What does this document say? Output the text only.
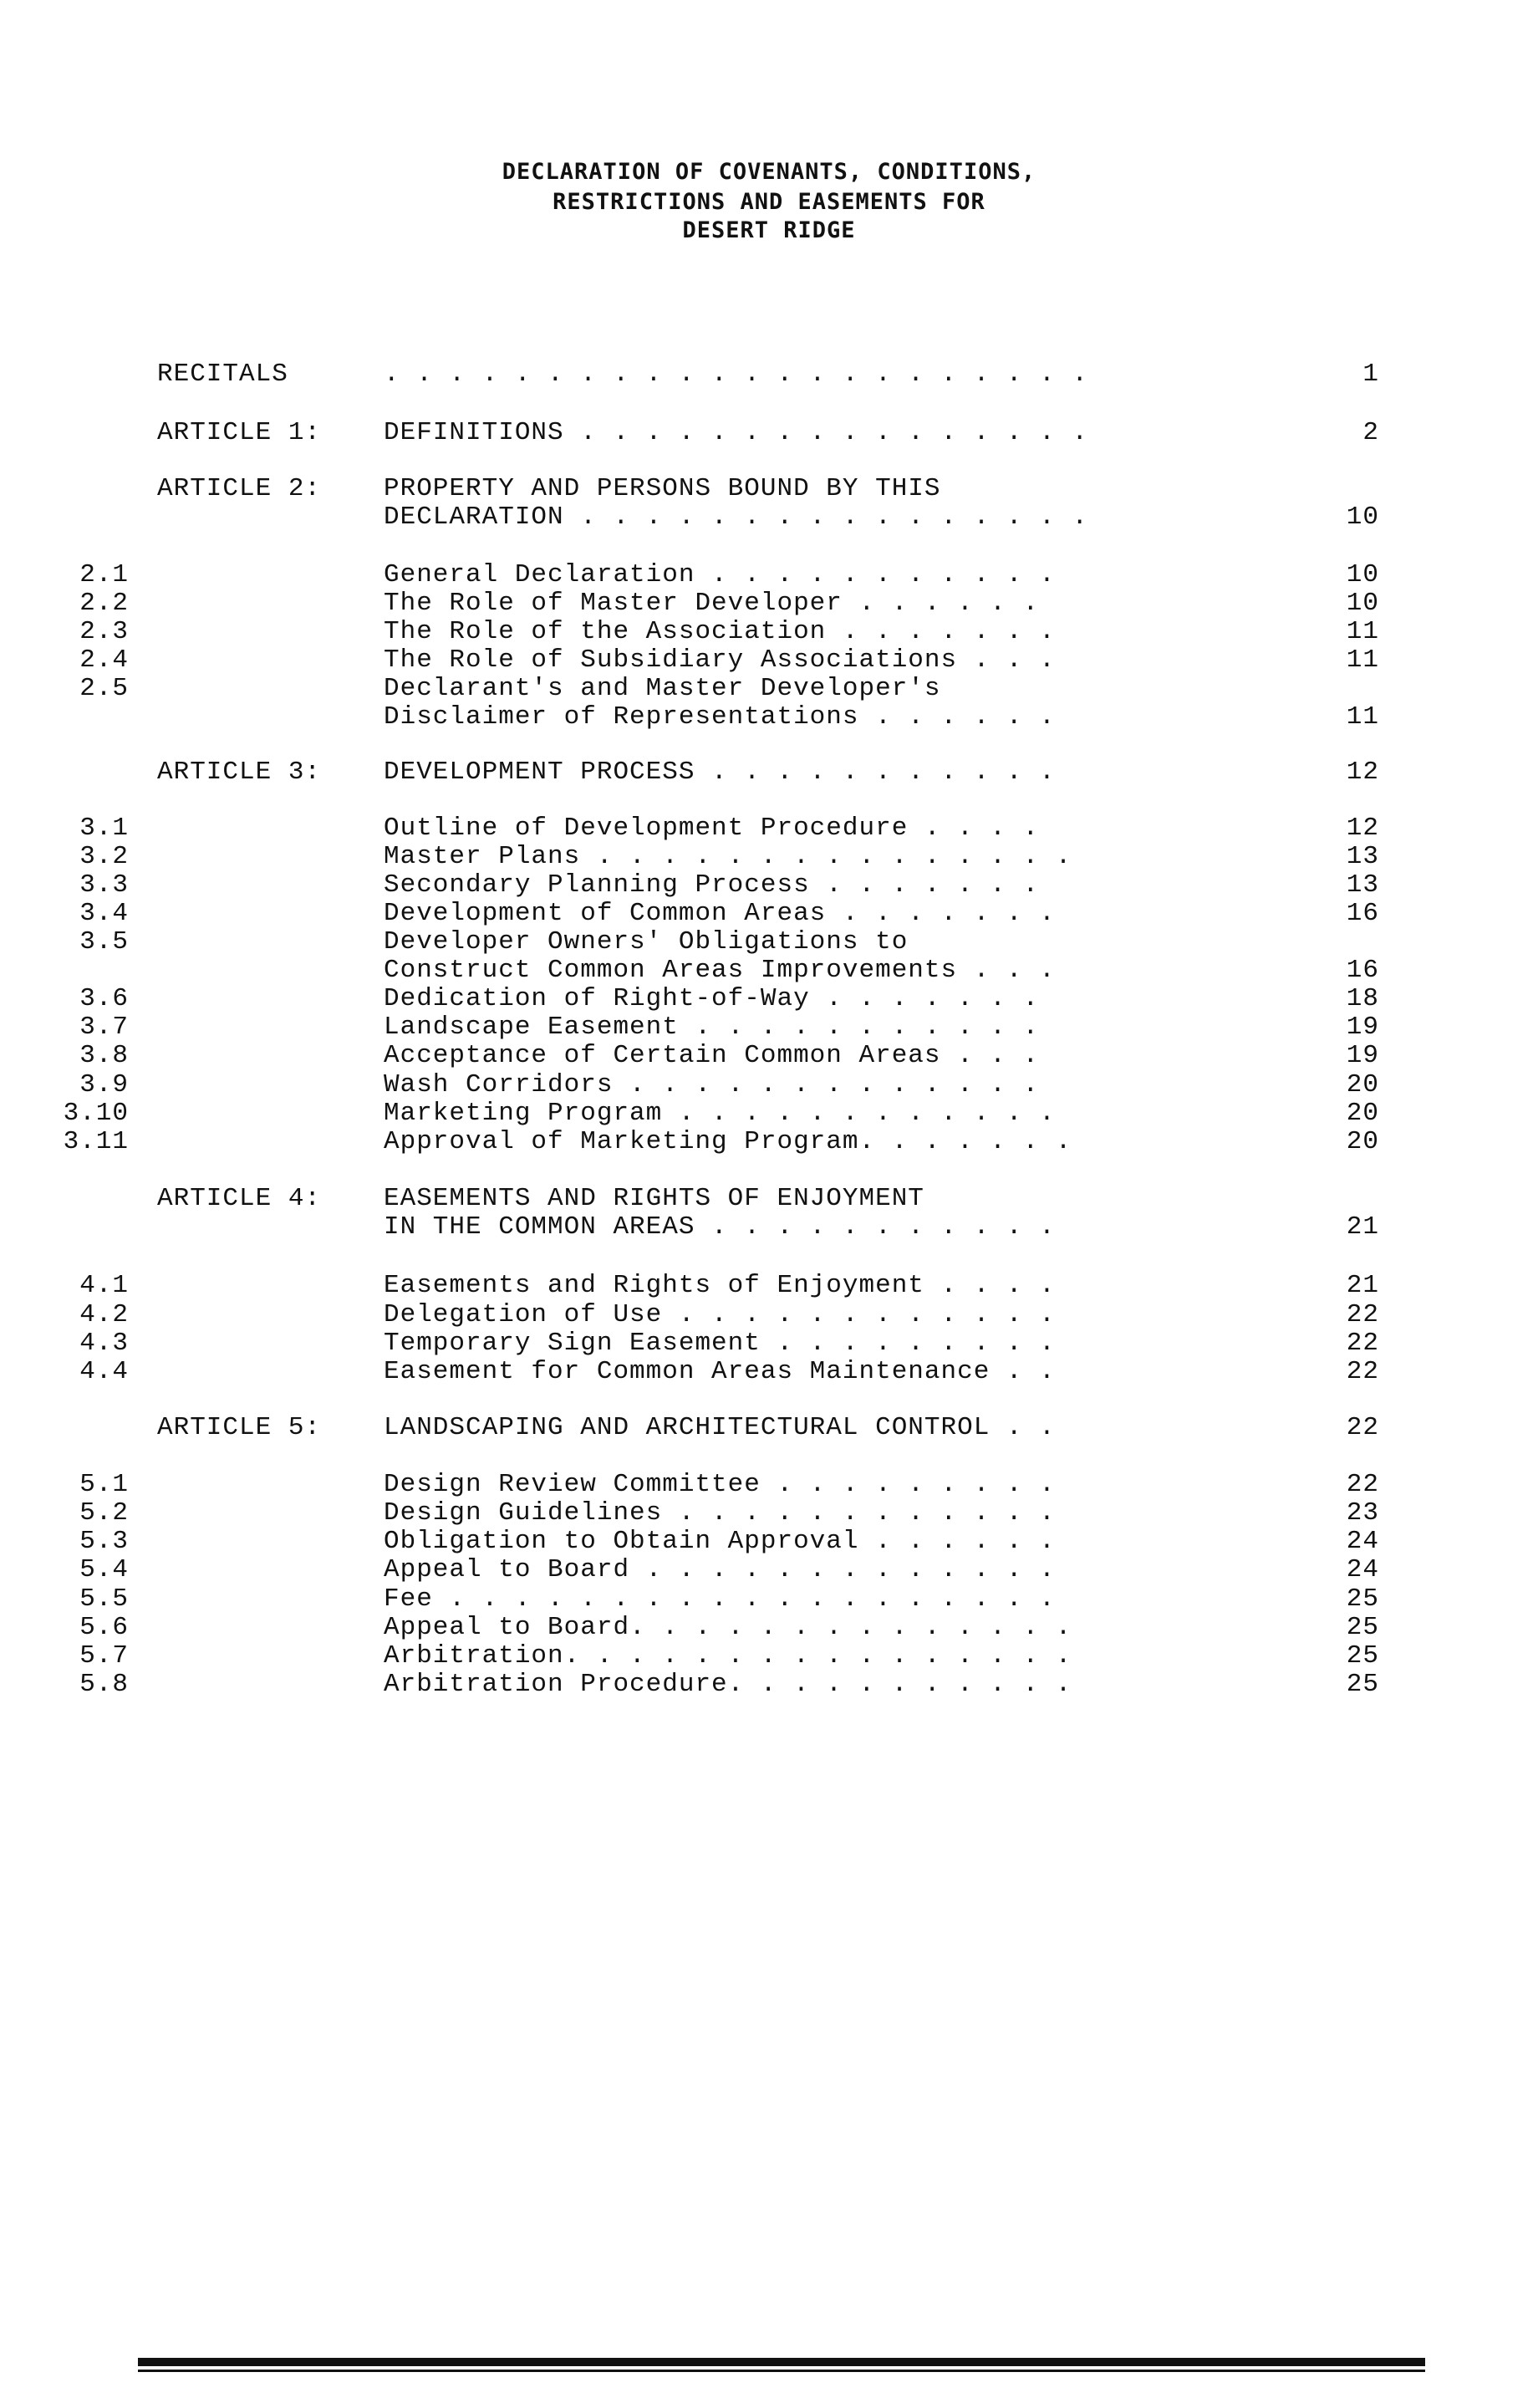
DECLARATION OF COVENANTS, CONDITIONS,
RESTRICTIONS AND EASEMENTS FOR
DESERT RIDGE
RECITALS	. . . . . . . . . . . . . . . . . . . . . .	1
ARTICLE 1: DEFINITIONS . . . . . . . . . . . . . . . .	2
ARTICLE 2: PROPERTY AND PERSONS BOUND BY THIS
DECLARATION . . . . . . . . . . . . . . . .	10
2.1	General Declaration . . . . . . . . . . .	10
2.2	The Role of Master Developer . . . . . .	10
2.3	The Role of the Association . . . . . . .	11
2.4	The Role of Subsidiary Associations . . .	11
2.5	Declarant's and Master Developer's
Disclaimer of Representations . . . . . .	11
ARTICLE 3: DEVELOPMENT PROCESS . . . . . . . . . . .	12
3.1	Outline of Development Procedure . . . .	12
3.2	Master Plans . . . . . . . . . . . . . . .	13
3.3	Secondary Planning Process . . . . . . .	13
3.4	Development of Common Areas . . . . . . .	16
3.5	Developer Owners' Obligations to
Construct Common Areas Improvements . . .	16
3.6	Dedication of Right-of-Way . . . . . . .	18
3.7	Landscape Easement . . . . . . . . . . .	19
3.8	Acceptance of Certain Common Areas . . .	19
3.9	Wash Corridors . . . . . . . . . . . . .	20
3.10	Marketing Program . . . . . . . . . . . .	20
3.11	Approval of Marketing Program. . . . . . .	20
ARTICLE 4: EASEMENTS AND RIGHTS OF ENJOYMENT
IN THE COMMON AREAS . . . . . . . . . . .	21
4.1	Easements and Rights of Enjoyment . . . .	21
4.2	Delegation of Use . . . . . . . . . . . .	22
4.3	Temporary Sign Easement . . . . . . . . .	22
4.4	Easement for Common Areas Maintenance . .	22
ARTICLE 5: LANDSCAPING AND ARCHITECTURAL CONTROL . .	22
5.1	Design Review Committee . . . . . . . . .	22
5.2	Design Guidelines . . . . . . . . . . . .	23
5.3	Obligation to Obtain Approval . . . . . .	24
5.4	Appeal to Board . . . . . . . . . . . . .	24
5.5	Fee . . . . . . . . . . . . . . . . . . .	25
5.6	Appeal to Board. . . . . . . . . . . . . .	25
5.7	Arbitration. . . . . . . . . . . . . . . .	25
5.8	Arbitration Procedure. . . . . . . . . . .	25
